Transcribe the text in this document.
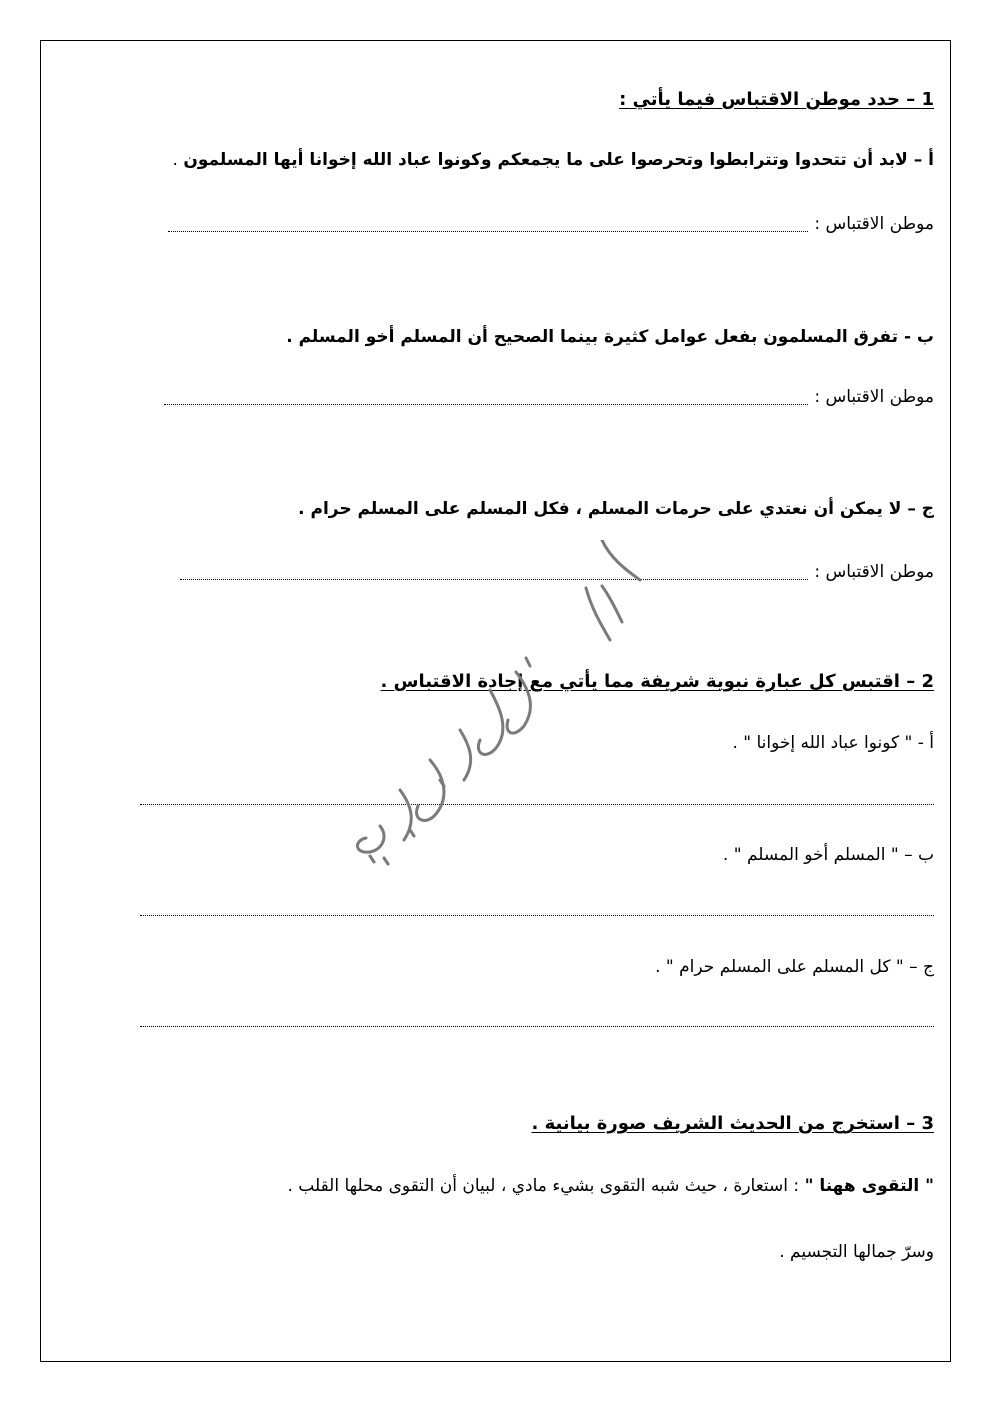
1 – حدد موطن الاقتباس فيما يأتي :
أ – لابد أن تتحدوا وتترابطوا وتحرصوا على ما يجمعكم وكونوا عباد الله إخوانا أيها المسلمون .
موطن الاقتباس :
ب - تفرق المسلمون بفعل عوامل كثيرة بينما الصحيح أن المسلم أخو المسلم .
موطن الاقتباس :
ج – لا يمكن أن نعتدي على حرمات المسلم ، فكل المسلم على المسلم حرام .
موطن الاقتباس :
2 – اقتبس كل عبارة نبوية شريفة مما يأتي مع إجادة الاقتباس .
أ - " كونوا عباد الله إخوانا " .
ب – " المسلم أخو المسلم " .
ج – " كل المسلم على المسلم حرام " .
3 – استخرج من الحديث الشريف صورة بيانية .
" التقوى ههنا " : استعارة ، حيث شبه التقوى بشيء مادي ، لبيان أن التقوى محلها القلب .
وسرّ جمالها التجسيم .
